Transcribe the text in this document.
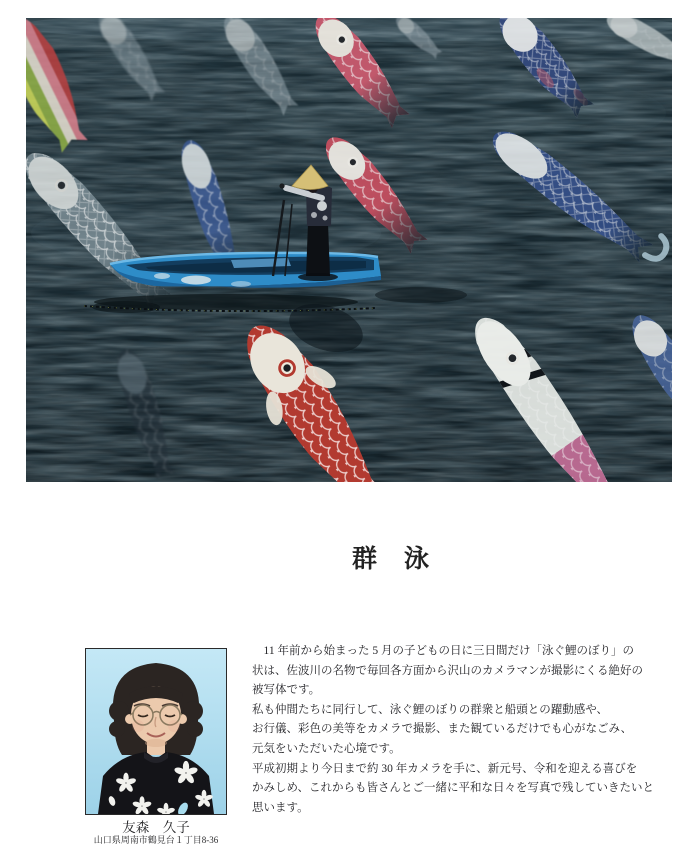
群　泳
　11 年前から始まった 5 月の子どもの日に三日間だけ「泳ぐ鯉のぼり」の
状は、佐波川の名物で毎回各方面から沢山のカメラマンが撮影にくる絶好の
被写体です。
私も仲間たちに同行して、泳ぐ鯉のぼりの群衆と船頭との躍動感や、
お行儀、彩色の美等をカメラで撮影、また観ているだけでも心がなごみ、
元気をいただいた心境です。
平成初期より今日まで約 30 年カメラを手に、新元号、令和を迎える喜びを
かみしめ、これからも皆さんとご一緒に平和な日々を写真で残していきたいと
思います。
友森　久子
山口県周南市鶴見台１丁目8-36
